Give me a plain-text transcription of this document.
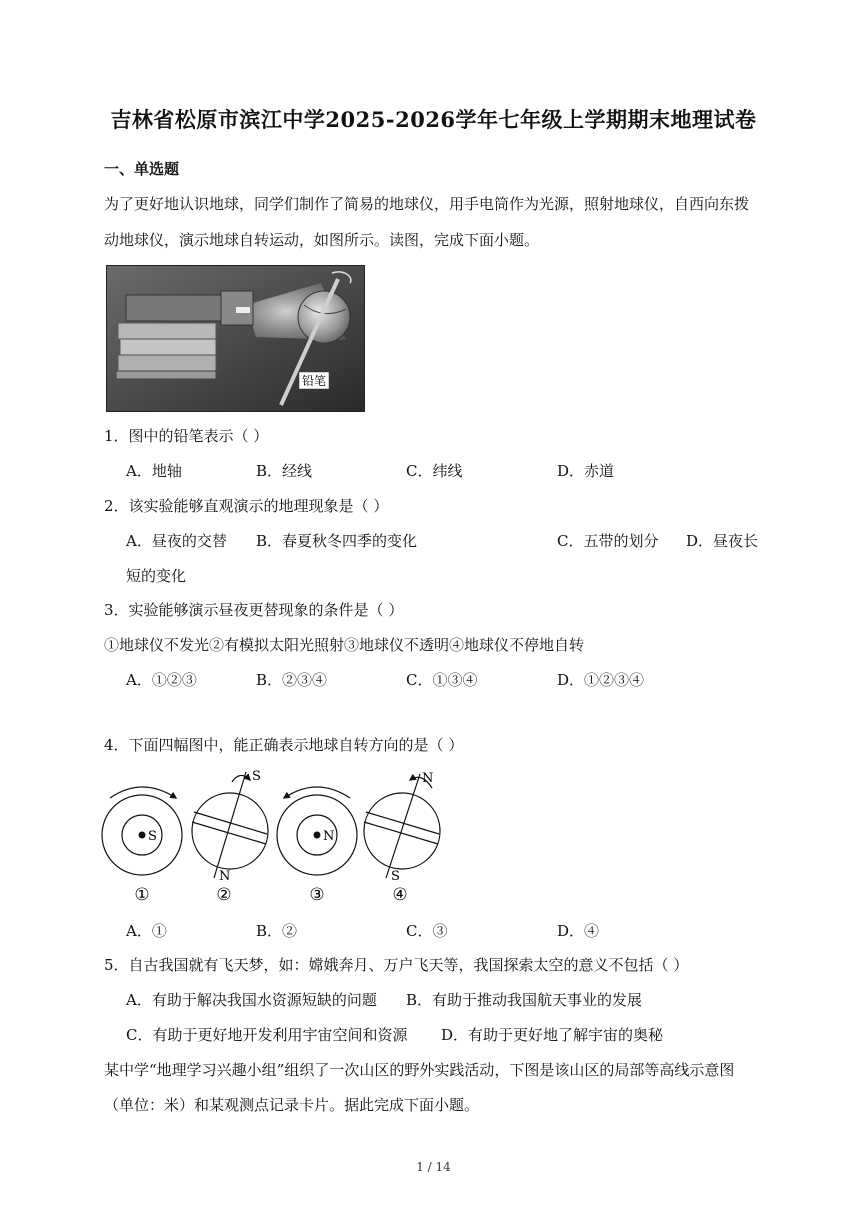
吉林省松原市滨江中学2025-2026学年七年级上学期期末地理试卷
一、单选题
为了更好地认识地球，同学们制作了简易的地球仪，用手电筒作为光源，照射地球仪，自西向东拨
动地球仪，演示地球自转运动，如图所示。读图，完成下面小题。
铅笔
1．图中的铅笔表示（ ）
A．地轴	B．经线	C．纬线	D．赤道
2．该实验能够直观演示的地理现象是（ ）
A．昼夜的交替 B．春夏秋冬四季的变化	C．五带的划分 D．昼夜长
短的变化
3．实验能够演示昼夜更替现象的条件是（ ）
①地球仪不发光②有模拟太阳光照射③地球仪不透明④地球仪不停地自转
A．①②③	B．②③④	C．①③④	D．①②③④
4．下面四幅图中，能正确表示地球自转方向的是（ ）
S
①
S
N
②
N
③
N
S
④
A．①	B．②	C．③	D．④
5．自古我国就有飞天梦，如：嫦娥奔月、万户飞天等，我国探索太空的意义不包括（ ）
A．有助于解决我国水资源短缺的问题 B．有助于推动我国航天事业的发展
C．有助于更好地开发利用宇宙空间和资源 D．有助于更好地了解宇宙的奥秘
某中学“地理学习兴趣小组”组织了一次山区的野外实践活动，下图是该山区的局部等高线示意图
（单位：米）和某观测点记录卡片。据此完成下面小题。
1 / 14
